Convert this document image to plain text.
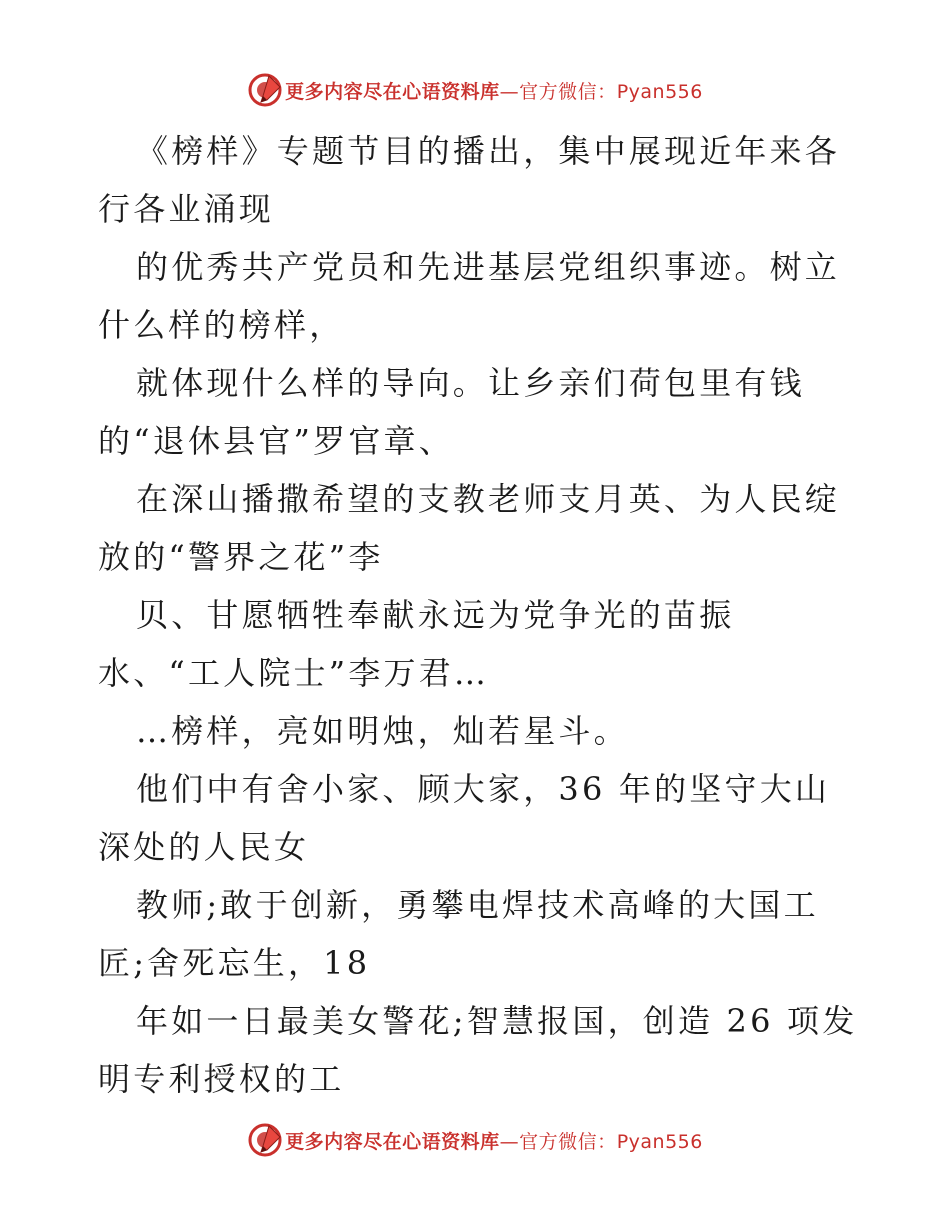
更多内容尽在心语资料库—官方微信：Pyan556

《榜样》专题节目的播出，集中展现近年来各行各业涌现

的优秀共产党员和先进基层党组织事迹。树立什么样的榜样，

就体现什么样的导向。让乡亲们荷包里有钱的“退休县官”罗官章、

在深山播撒希望的支教老师支月英、为人民绽放的“警界之花”李

贝、甘愿牺牲奉献永远为党争光的苗振水、“工人院士”李万君…

…榜样，亮如明烛，灿若星斗。

他们中有舍小家、顾大家，36 年的坚守大山深处的人民女

教师;敢于创新，勇攀电焊技术高峰的大国工匠;舍死忘生，18

年如一日最美女警花;智慧报国，创造 26 项发明专利授权的工

更多内容尽在心语资料库—官方微信：Pyan556
